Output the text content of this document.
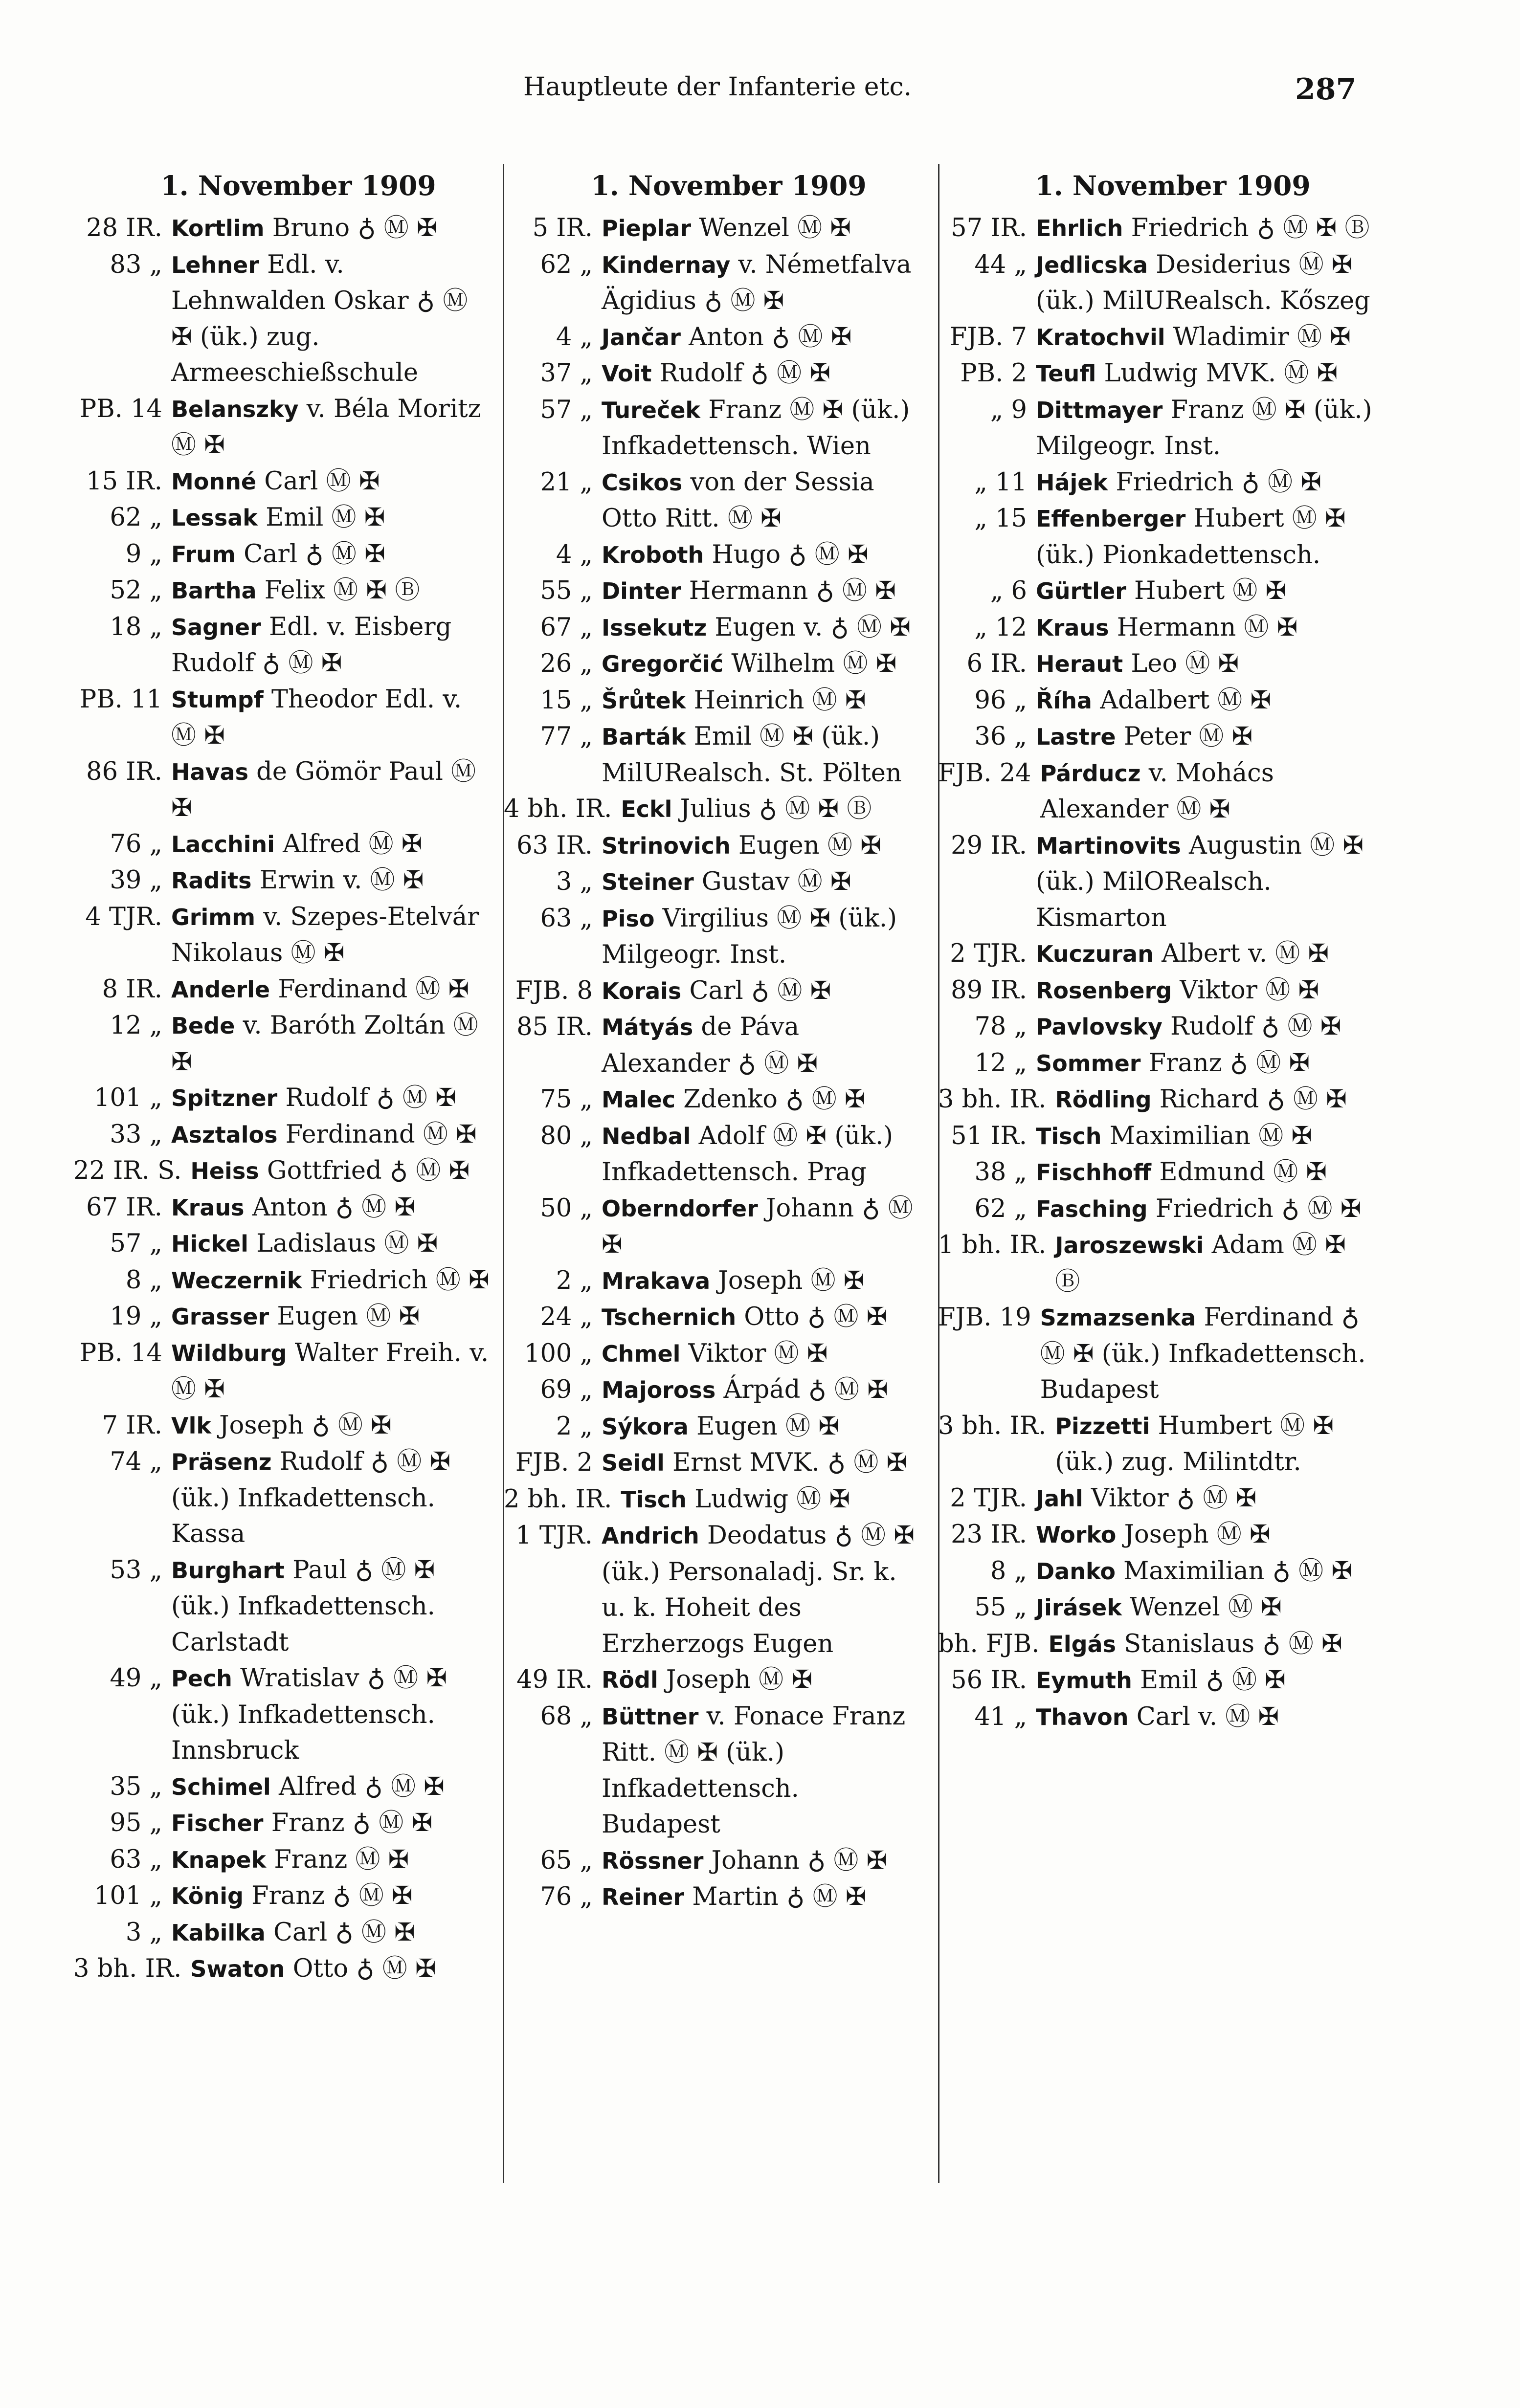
Hauptleute der Infanterie etc.	287
1. November 1909
28 IR. Kortlim Bruno ♁ Ⓜ ✠
83 „ Lehner Edl. v. Lehnwalden Oskar ♁ Ⓜ ✠ (ük.) zug. Armeeschießschule
PB. 14 Belanszky v. Béla Moritz Ⓜ ✠
15 IR. Monné Carl Ⓜ ✠
62 „ Lessak Emil Ⓜ ✠
9 „ Frum Carl ♁ Ⓜ ✠
52 „ Bartha Felix Ⓜ ✠ Ⓑ
18 „ Sagner Edl. v. Eisberg Rudolf ♁ Ⓜ ✠
PB. 11 Stumpf Theodor Edl. v. Ⓜ ✠
86 IR. Havas de Gömör Paul Ⓜ ✠
76 „ Lacchini Alfred Ⓜ ✠
39 „ Radits Erwin v. Ⓜ ✠
4 TJR. Grimm v. Szepes-Etelvár Nikolaus Ⓜ ✠
8 IR. Anderle Ferdinand Ⓜ ✠
12 „ Bede v. Baróth Zoltán Ⓜ ✠
101 „ Spitzner Rudolf ♁ Ⓜ ✠
33 „ Asztalos Ferdinand Ⓜ ✠
22 IR. S. Heiss Gottfried ♁ Ⓜ ✠
67 IR. Kraus Anton ♁ Ⓜ ✠
57 „ Hickel Ladislaus Ⓜ ✠
8 „ Weczernik Friedrich Ⓜ ✠
19 „ Grasser Eugen Ⓜ ✠
PB. 14 Wildburg Walter Freih. v. Ⓜ ✠
7 IR. Vlk Joseph ♁ Ⓜ ✠
74 „ Präsenz Rudolf ♁ Ⓜ ✠ (ük.) Infkadettensch. Kassa
53 „ Burghart Paul ♁ Ⓜ ✠ (ük.) Infkadettensch. Carlstadt
49 „ Pech Wratislav ♁ Ⓜ ✠ (ük.) Infkadettensch. Innsbruck
35 „ Schimel Alfred ♁ Ⓜ ✠
95 „ Fischer Franz ♁ Ⓜ ✠
63 „ Knapek Franz Ⓜ ✠
101 „ König Franz ♁ Ⓜ ✠
3 „ Kabilka Carl ♁ Ⓜ ✠
3 bh. IR. Swaton Otto ♁ Ⓜ ✠
1. November 1909
5 IR. Pieplar Wenzel Ⓜ ✠
62 „ Kindernay v. Németfalva Ägidius ♁ Ⓜ ✠
4 „ Jančar Anton ♁ Ⓜ ✠
37 „ Voit Rudolf ♁ Ⓜ ✠
57 „ Tureček Franz Ⓜ ✠ (ük.) Infkadettensch. Wien
21 „ Csikos von der Sessia Otto Ritt. Ⓜ ✠
4 „ Kroboth Hugo ♁ Ⓜ ✠
55 „ Dinter Hermann ♁ Ⓜ ✠
67 „ Issekutz Eugen v. ♁ Ⓜ ✠
26 „ Gregorčić Wilhelm Ⓜ ✠
15 „ Šrůtek Heinrich Ⓜ ✠
77 „ Barták Emil Ⓜ ✠ (ük.) MilURealsch. St. Pölten
4 bh. IR. Eckl Julius ♁ Ⓜ ✠ Ⓑ
63 IR. Strinovich Eugen Ⓜ ✠
3 „ Steiner Gustav Ⓜ ✠
63 „ Piso Virgilius Ⓜ ✠ (ük.) Milgeogr. Inst.
FJB. 8 Korais Carl ♁ Ⓜ ✠
85 IR. Mátyás de Páva Alexander ♁ Ⓜ ✠
75 „ Malec Zdenko ♁ Ⓜ ✠
80 „ Nedbal Adolf Ⓜ ✠ (ük.) Infkadettensch. Prag
50 „ Oberndorfer Johann ♁ Ⓜ ✠
2 „ Mrakava Joseph Ⓜ ✠
24 „ Tschernich Otto ♁ Ⓜ ✠
100 „ Chmel Viktor Ⓜ ✠
69 „ Majoross Árpád ♁ Ⓜ ✠
2 „ Sýkora Eugen Ⓜ ✠
FJB. 2 Seidl Ernst MVK. ♁ Ⓜ ✠
2 bh. IR. Tisch Ludwig Ⓜ ✠
1 TJR. Andrich Deodatus ♁ Ⓜ ✠ (ük.) Personaladj. Sr. k. u. k. Hoheit des Erzherzogs Eugen
49 IR. Rödl Joseph Ⓜ ✠
68 „ Büttner v. Fonace Franz Ritt. Ⓜ ✠ (ük.) Infkadettensch. Budapest
65 „ Rössner Johann ♁ Ⓜ ✠
76 „ Reiner Martin ♁ Ⓜ ✠
1. November 1909
57 IR. Ehrlich Friedrich ♁ Ⓜ ✠ Ⓑ
44 „ Jedlicska Desiderius Ⓜ ✠ (ük.) MilURealsch. Kőszeg
FJB. 7 Kratochvil Wladimir Ⓜ ✠
PB. 2 Teufl Ludwig MVK. Ⓜ ✠
„ 9 Dittmayer Franz Ⓜ ✠ (ük.) Milgeogr. Inst.
„ 11 Hájek Friedrich ♁ Ⓜ ✠
„ 15 Effenberger Hubert Ⓜ ✠ (ük.) Pionkadettensch.
„ 6 Gürtler Hubert Ⓜ ✠
„ 12 Kraus Hermann Ⓜ ✠
6 IR. Heraut Leo Ⓜ ✠
96 „ Říha Adalbert Ⓜ ✠
36 „ Lastre Peter Ⓜ ✠
FJB. 24 Párducz v. Mohács Alexander Ⓜ ✠
29 IR. Martinovits Augustin Ⓜ ✠ (ük.) MilORealsch. Kismarton
2 TJR. Kuczuran Albert v. Ⓜ ✠
89 IR. Rosenberg Viktor Ⓜ ✠
78 „ Pavlovsky Rudolf ♁ Ⓜ ✠
12 „ Sommer Franz ♁ Ⓜ ✠
3 bh. IR. Rödling Richard ♁ Ⓜ ✠
51 IR. Tisch Maximilian Ⓜ ✠
38 „ Fischhoff Edmund Ⓜ ✠
62 „ Fasching Friedrich ♁ Ⓜ ✠
1 bh. IR. Jaroszewski Adam Ⓜ ✠ Ⓑ
FJB. 19 Szmazsenka Ferdinand ♁ Ⓜ ✠ (ük.) Infkadettensch. Budapest
3 bh. IR. Pizzetti Humbert Ⓜ ✠ (ük.) zug. Milintdtr.
2 TJR. Jahl Viktor ♁ Ⓜ ✠
23 IR. Worko Joseph Ⓜ ✠
8 „ Danko Maximilian ♁ Ⓜ ✠
55 „ Jirásek Wenzel Ⓜ ✠
bh. FJB. Elgás Stanislaus ♁ Ⓜ ✠
56 IR. Eymuth Emil ♁ Ⓜ ✠
41 „ Thavon Carl v. Ⓜ ✠
